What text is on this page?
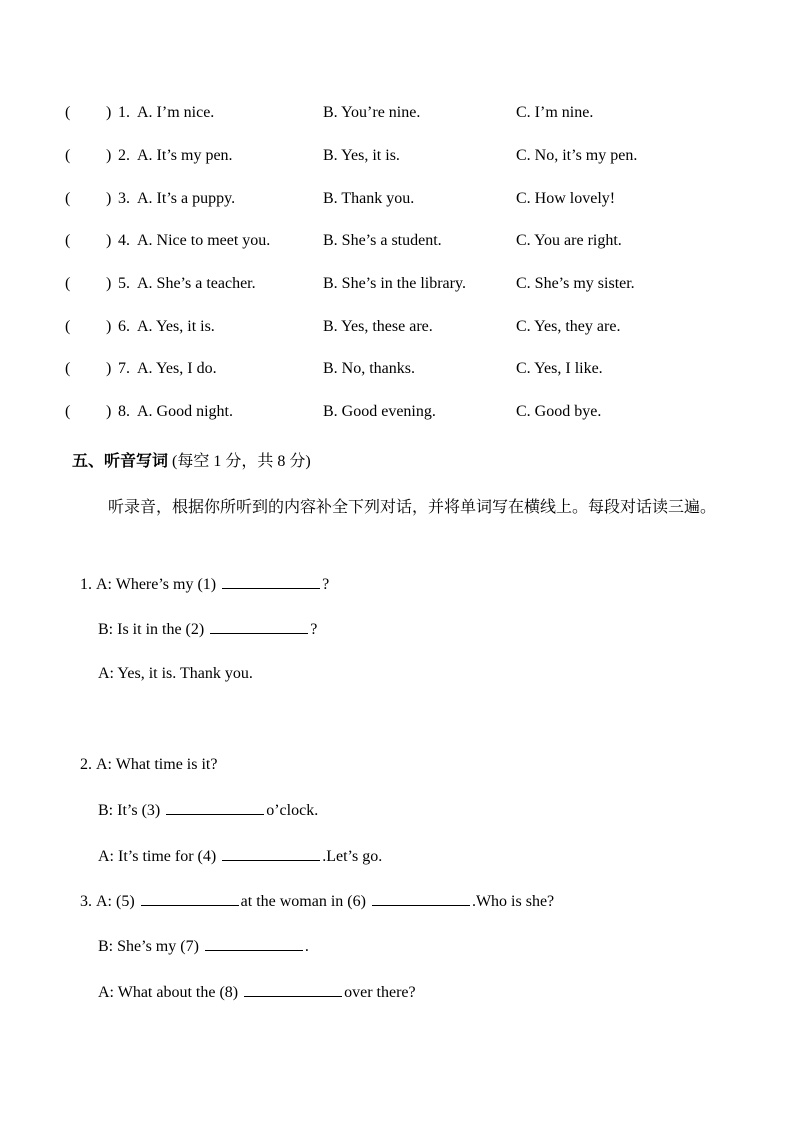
( ) 1. A. I’m nice.	B. You’re nine.	C. I’m nine.
( ) 2. A. It’s my pen.	B. Yes, it is.	C. No, it’s my pen.
( ) 3. A. It’s a puppy.	B. Thank you.	C. How lovely!
( ) 4. A. Nice to meet you.	B. She’s a student.	C. You are right.
( ) 5. A. She’s a teacher.	B. She’s in the library.	C. She’s my sister.
( ) 6. A. Yes, it is.	B. Yes, these are.	C. Yes, they are.
( ) 7. A. Yes, I do.	B. No, thanks.	C. Yes, I like.
( ) 8. A. Good night.	B. Good evening.	C. Good bye.
五、听音写词 (每空 1 分，共 8 分)
听录音，根据你所听到的内容补全下列对话，并将单词写在横线上。每段对话读三遍。
1. A: Where’s my (1)	?
B: Is it in the (2)	?
A: Yes, it is. Thank you.
2. A: What time is it?
B: It’s (3)	o’clock.
A: It’s time for (4)	.Let’s go.
3. A: (5)	at the woman in (6)	.Who is she?
B: She’s my (7)	.
A: What about the (8)	over there?
